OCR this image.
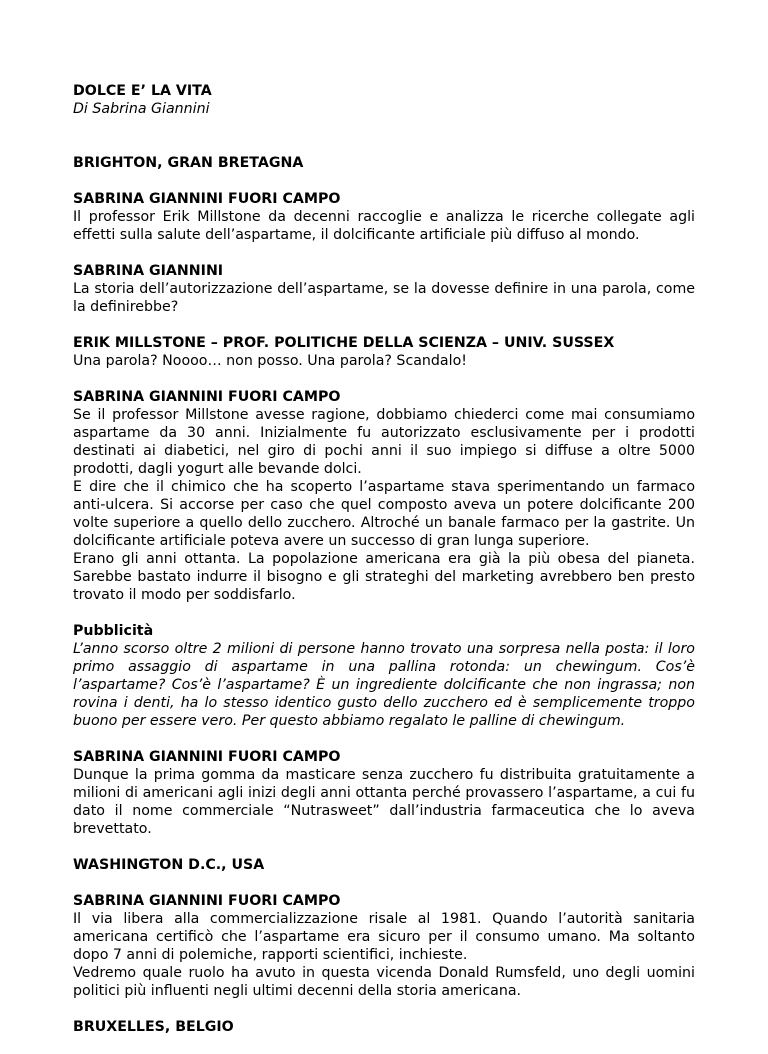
DOLCE E’ LA VITA
Di Sabrina Giannini
BRIGHTON, GRAN BRETAGNA
SABRINA GIANNINI FUORI CAMPO

Il professor Erik Millstone da decenni raccoglie e analizza le ricerche collegate agli effetti sulla salute dell’aspartame, il dolcificante artificiale più diffuso al mondo.

SABRINA GIANNINI

La storia dell’autorizzazione dell’aspartame, se la dovesse definire in una parola, come la definirebbe?

ERIK MILLSTONE – PROF. POLITICHE DELLA SCIENZA – UNIV. SUSSEX

Una parola? Noooo… non posso. Una parola? Scandalo!

SABRINA GIANNINI FUORI CAMPO

Se il professor Millstone avesse ragione, dobbiamo chiederci come mai consumiamo aspartame da 30 anni. Inizialmente fu autorizzato esclusivamente per i prodotti destinati ai diabetici, nel giro di pochi anni il suo impiego si diffuse a oltre 5000 prodotti, dagli yogurt alle bevande dolci.

E dire che il chimico che ha scoperto l’aspartame stava sperimentando un farmaco anti-ulcera. Si accorse per caso che quel composto aveva un potere dolcificante 200 volte superiore a quello dello zucchero. Altroché un banale farmaco per la gastrite. Un dolcificante artificiale poteva avere un successo di gran lunga superiore.

Erano gli anni ottanta. La popolazione americana era già la più obesa del pianeta. Sarebbe bastato indurre il bisogno e gli strateghi del marketing avrebbero ben presto trovato il modo per soddisfarlo.

Pubblicità

L’anno scorso oltre 2 milioni di persone hanno trovato una sorpresa nella posta: il loro primo assaggio di aspartame in una pallina rotonda: un chewingum. Cos’è l’aspartame? Cos’è l’aspartame? È un ingrediente dolcificante che non ingrassa; non rovina i denti, ha lo stesso identico gusto dello zucchero ed è semplicemente troppo buono per essere vero. Per questo abbiamo regalato le palline di chewingum.

SABRINA GIANNINI FUORI CAMPO

Dunque la prima gomma da masticare senza zucchero fu distribuita gratuitamente a milioni di americani agli inizi degli anni ottanta perché provassero l’aspartame, a cui fu dato il nome commerciale “Nutrasweet” dall’industria farmaceutica che lo aveva brevettato.

WASHINGTON D.C., USA
SABRINA GIANNINI FUORI CAMPO

Il via libera alla commercializzazione risale al 1981. Quando l’autorità sanitaria americana certificò che l’aspartame era sicuro per il consumo umano. Ma soltanto dopo 7 anni di polemiche, rapporti scientifici, inchieste.

Vedremo quale ruolo ha avuto in questa vicenda Donald Rumsfeld, uno degli uomini politici più influenti negli ultimi decenni della storia americana.

BRUXELLES, BELGIO
